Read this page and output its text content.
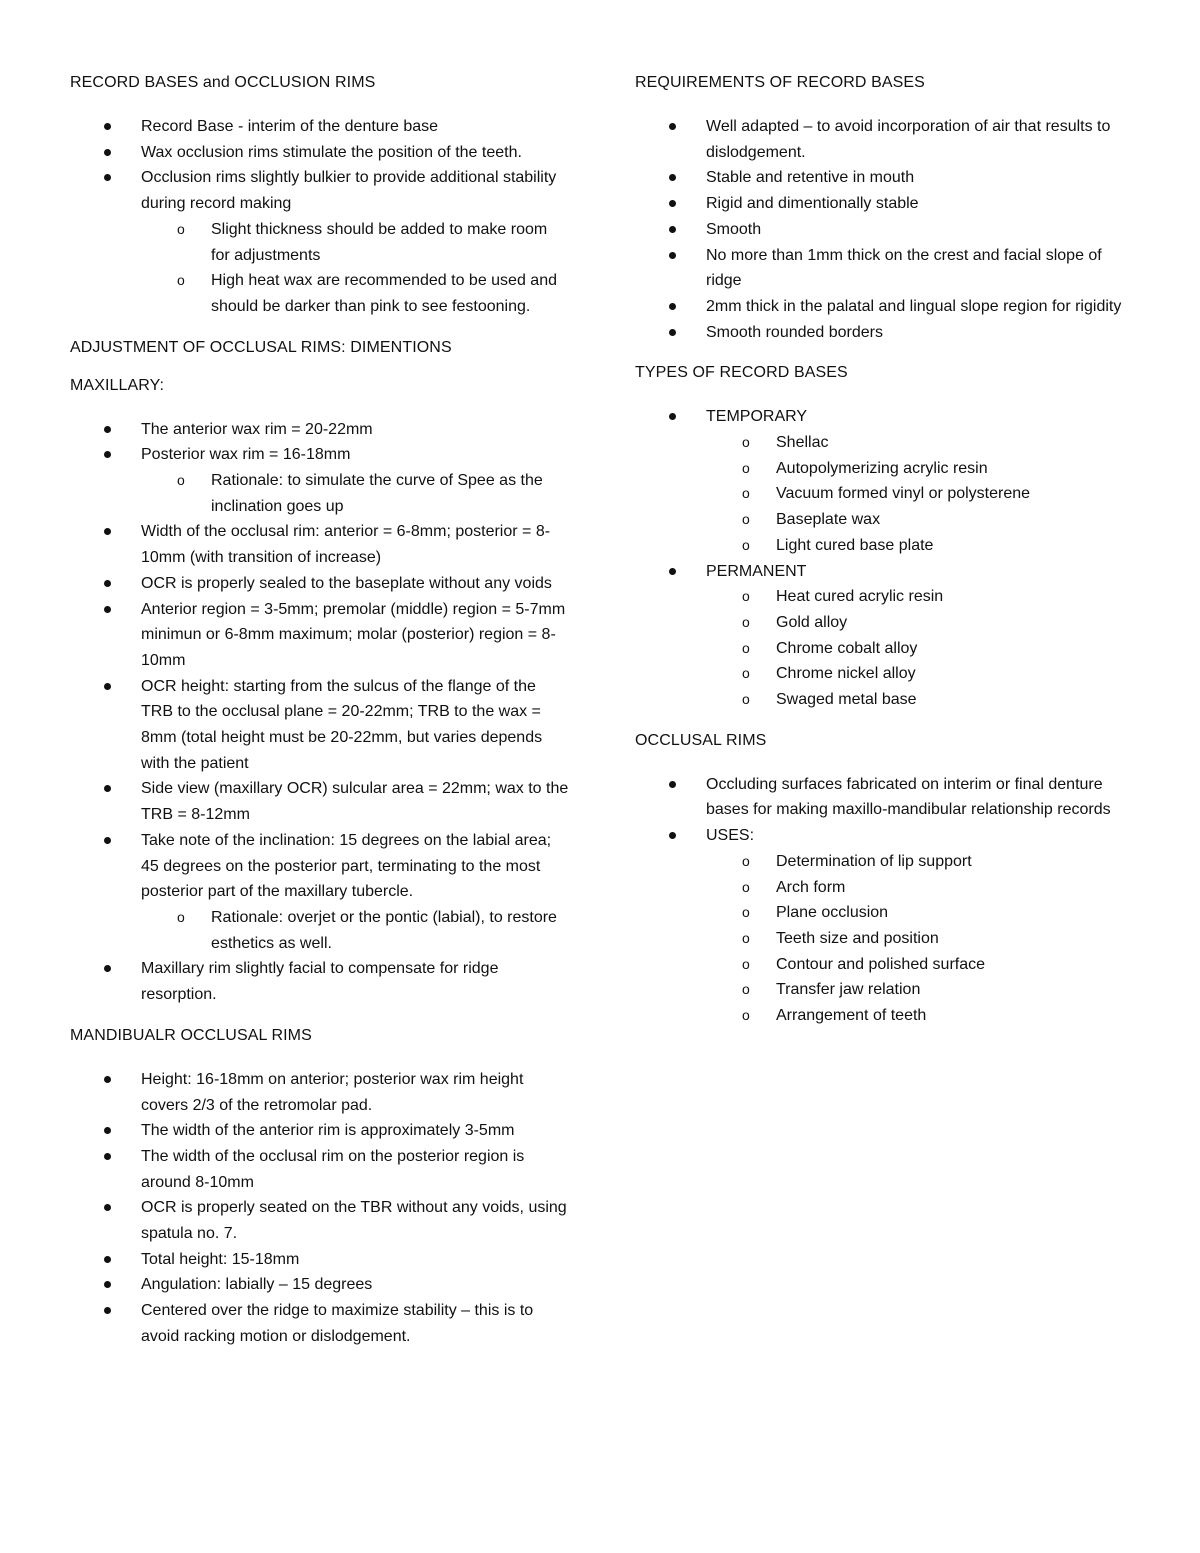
RECORD BASES and OCCLUSION RIMS
Record Base - interim of the denture base
Wax occlusion rims stimulate the position of the teeth.
Occlusion rims slightly bulkier to provide additional stability during record making
o Slight thickness should be added to make room for adjustments
o High heat wax are recommended to be used and should be darker than pink to see festooning.
ADJUSTMENT OF OCCLUSAL RIMS: DIMENTIONS
MAXILLARY:
The anterior wax rim = 20-22mm
Posterior wax rim = 16-18mm
o Rationale: to simulate the curve of Spee as the inclination goes up
Width of the occlusal rim: anterior = 6-8mm; posterior = 8-10mm (with transition of increase)
OCR is properly sealed to the baseplate without any voids
Anterior region = 3-5mm; premolar (middle) region = 5-7mm minimun or 6-8mm maximum; molar (posterior) region = 8-10mm
OCR height: starting from the sulcus of the flange of the TRB to the occlusal plane = 20-22mm; TRB to the wax = 8mm (total height must be 20-22mm, but varies depends with the patient
Side view (maxillary OCR) sulcular area = 22mm; wax to the TRB = 8-12mm
Take note of the inclination: 15 degrees on the labial area; 45 degrees on the posterior part, terminating to the most posterior part of the maxillary tubercle.
o Rationale: overjet or the pontic (labial), to restore esthetics as well.
Maxillary rim slightly facial to compensate for ridge resorption.
MANDIBUALR OCCLUSAL RIMS
Height: 16-18mm on anterior; posterior wax rim height covers 2/3 of the retromolar pad.
The width of the anterior rim is approximately 3-5mm
The width of the occlusal rim on the posterior region is around 8-10mm
OCR is properly seated on the TBR without any voids, using spatula no. 7.
Total height: 15-18mm
Angulation: labially – 15 degrees
Centered over the ridge to maximize stability – this is to avoid racking motion or dislodgement.
REQUIREMENTS OF RECORD BASES
Well adapted – to avoid incorporation of air that results to dislodgement.
Stable and retentive in mouth
Rigid and dimentionally stable
Smooth
No more than 1mm thick on the crest and facial slope of ridge
2mm thick in the palatal and lingual slope region for rigidity
Smooth rounded borders
TYPES OF RECORD BASES
TEMPORARY
o Shellac
o Autopolymerizing acrylic resin
o Vacuum formed vinyl or polysterene
o Baseplate wax
o Light cured base plate
PERMANENT
o Heat cured acrylic resin
o Gold alloy
o Chrome cobalt alloy
o Chrome nickel alloy
o Swaged metal base
OCCLUSAL RIMS
Occluding surfaces fabricated on interim or final denture bases for making maxillo-mandibular relationship records
USES:
o Determination of lip support
o Arch form
o Plane occlusion
o Teeth size and position
o Contour and polished surface
o Transfer jaw relation
o Arrangement of teeth
